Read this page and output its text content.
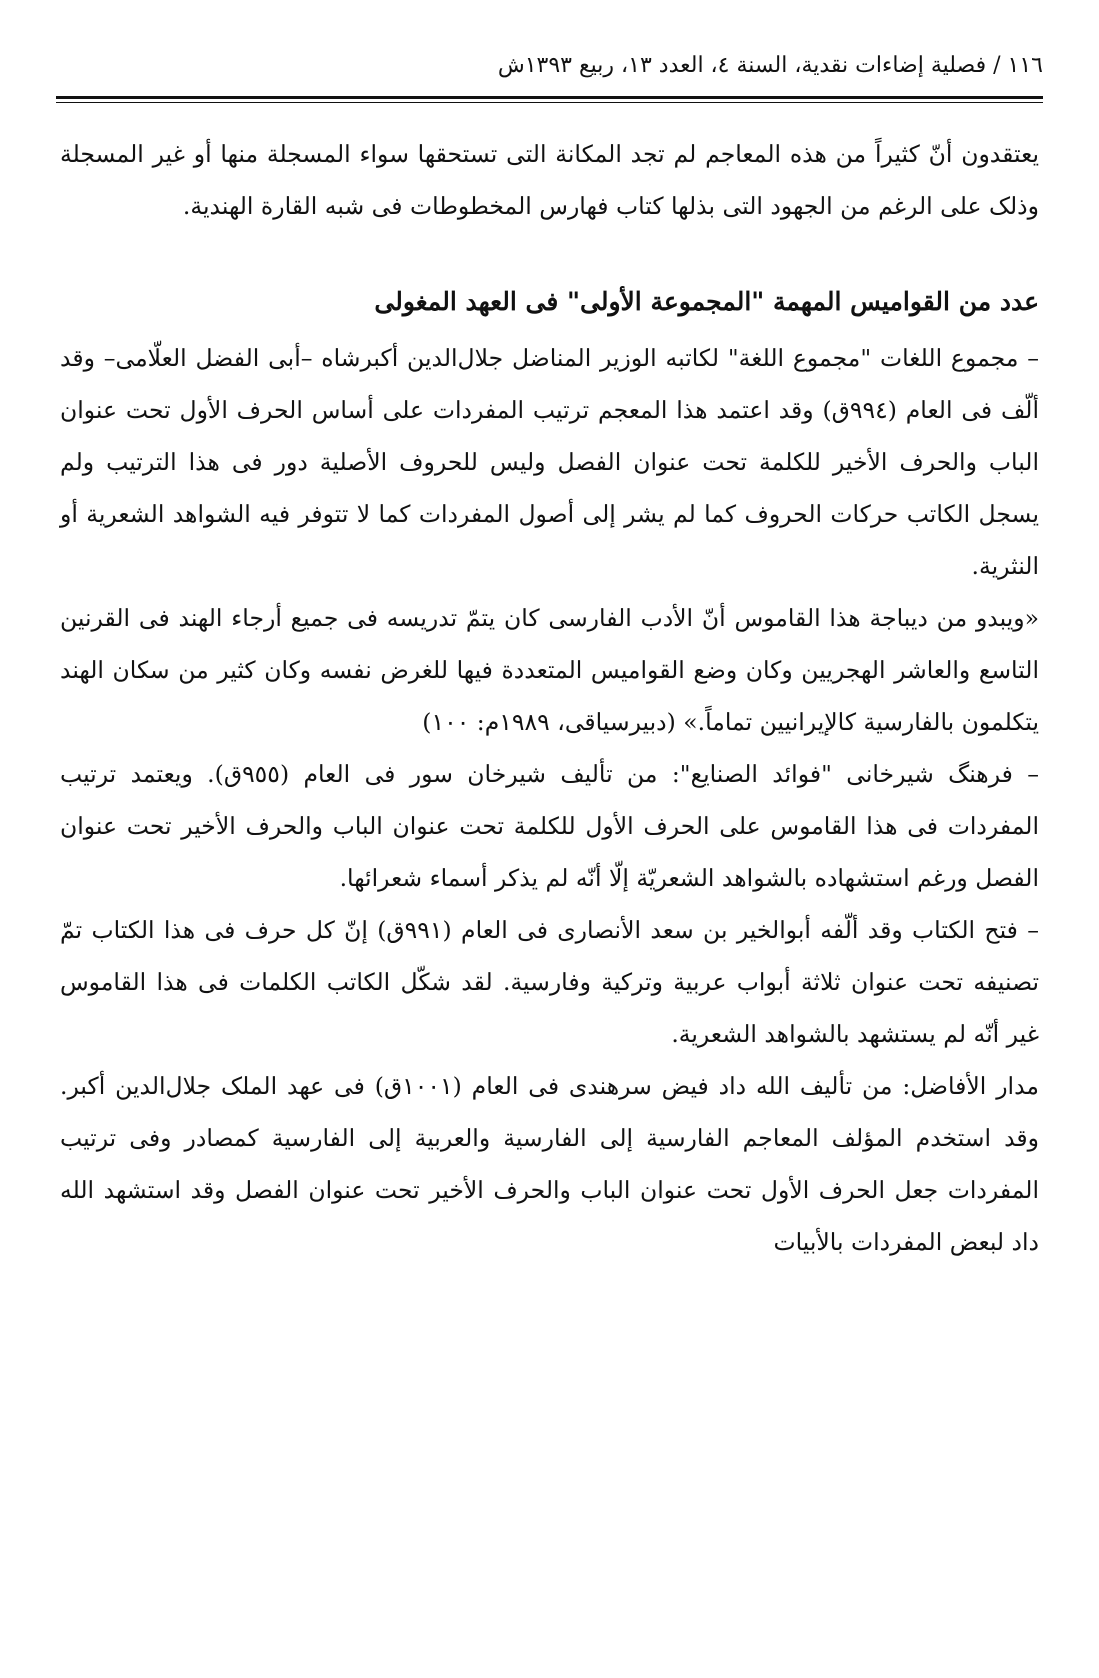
١١٦ / فصلية إضاءات نقدية، السنة ٤، العدد ١٣، ربيع ١٣٩٣ش

يعتقدون أنّ كثيراً من هذه المعاجم لم تجد المكانة التی تستحقها سواء المسجلة منها أو غیر المسجلة وذلک علی الرغم من الجهود التی بذلها کتاب فهارس المخطوطات فی شبه القارة الهندية.

عدد من القواميس المهمة "المجموعة الأولی" فی العهد المغولی

– مجموع اللغات "مجموع اللغة" لکاتبه الوزير المناضل جلال‌الدين أکبرشاه –أبی الفضل العلّامی– وقد ألّف فی العام (٩٩٤ق) وقد اعتمد هذا المعجم ترتيب المفردات علی أساس الحرف الأول تحت عنوان الباب والحرف الأخير للکلمة تحت عنوان الفصل وليس للحروف الأصلية دور فی هذا الترتيب ولم يسجل الکاتب حرکات الحروف کما لم يشر إلی أصول المفردات کما لا تتوفر فيه الشواهد الشعرية أو النثرية.

«ويبدو من ديباجة هذا القاموس أنّ الأدب الفارسی کان يتمّ تدريسه فی جميع أرجاء الهند فی القرنين التاسع والعاشر الهجريين وکان وضع القواميس المتعددة فيها للغرض نفسه وکان کثير من سکان الهند يتکلمون بالفارسية کالإيرانيين تماماً.» (دبيرسياقی، ١٩٨٩م: ١٠٠)

– فرهنگ شيرخانی "فوائد الصنايع": من تأليف شيرخان سور فی العام (٩٥٥ق). ويعتمد ترتيب المفردات فی هذا القاموس علی الحرف الأول للکلمة تحت عنوان الباب والحرف الأخير تحت عنوان الفصل ورغم استشهاده بالشواهد الشعريّة إلّا أنّه لم يذکر أسماء شعرائها.

– فتح الکتاب وقد ألّفه أبوالخير بن سعد الأنصاری فی العام (٩٩١ق) إنّ کل حرف فی هذا الکتاب تمّ تصنيفه تحت عنوان ثلاثة أبواب عربية وترکية وفارسية. لقد شکّل الکاتب الکلمات فی هذا القاموس غير أنّه لم يستشهد بالشواهد الشعرية.

مدار الأفاضل: من تأليف الله داد فيض سرهندی فی العام (١٠٠١ق) فی عهد الملک جلال‌الدين أکبر. وقد استخدم المؤلف المعاجم الفارسية إلی الفارسية والعربية إلی الفارسية کمصادر وفی ترتيب المفردات جعل الحرف الأول تحت عنوان الباب والحرف الأخير تحت عنوان الفصل وقد استشهد الله داد لبعض المفردات بالأبيات
